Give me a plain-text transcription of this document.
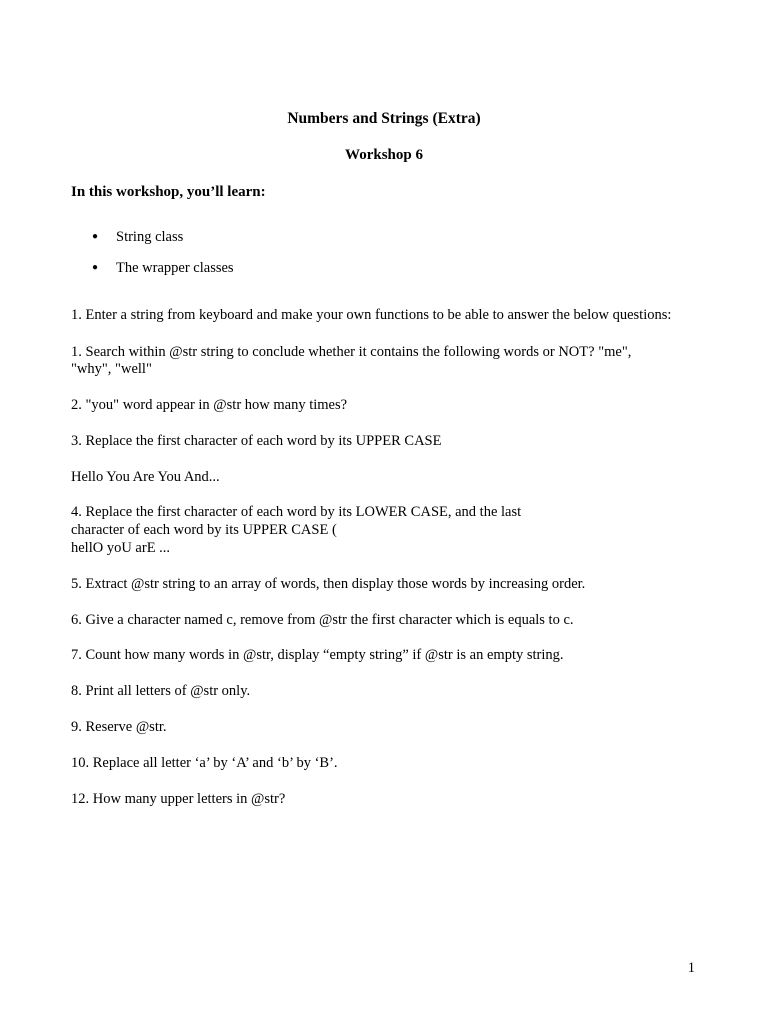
Numbers and Strings (Extra)
Workshop 6
In this workshop, you’ll learn:
●	String class
●	The wrapper classes
1. Enter a string from keyboard and make your own functions to be able to answer the below questions:
1. Search within @str string to conclude whether it contains the following words or NOT? "me",
"why", "well"
2. "you" word appear in @str how many times?
3. Replace the first character of each word by its UPPER CASE
Hello You Are You And...
4. Replace the first character of each word by its LOWER CASE, and the last
character of each word by its UPPER CASE (
hellO yoU arE ...
5. Extract @str string to an array of words, then display those words by increasing order.
6. Give a character named c, remove from @str the first character which is equals to c.
7. Count how many words in @str, display “empty string” if @str is an empty string.
8. Print all letters of @str only.
9. Reserve @str.
10. Replace all letter ‘a’ by ‘A’ and ‘b’ by ‘B’.
12. How many upper letters in @str?
1
